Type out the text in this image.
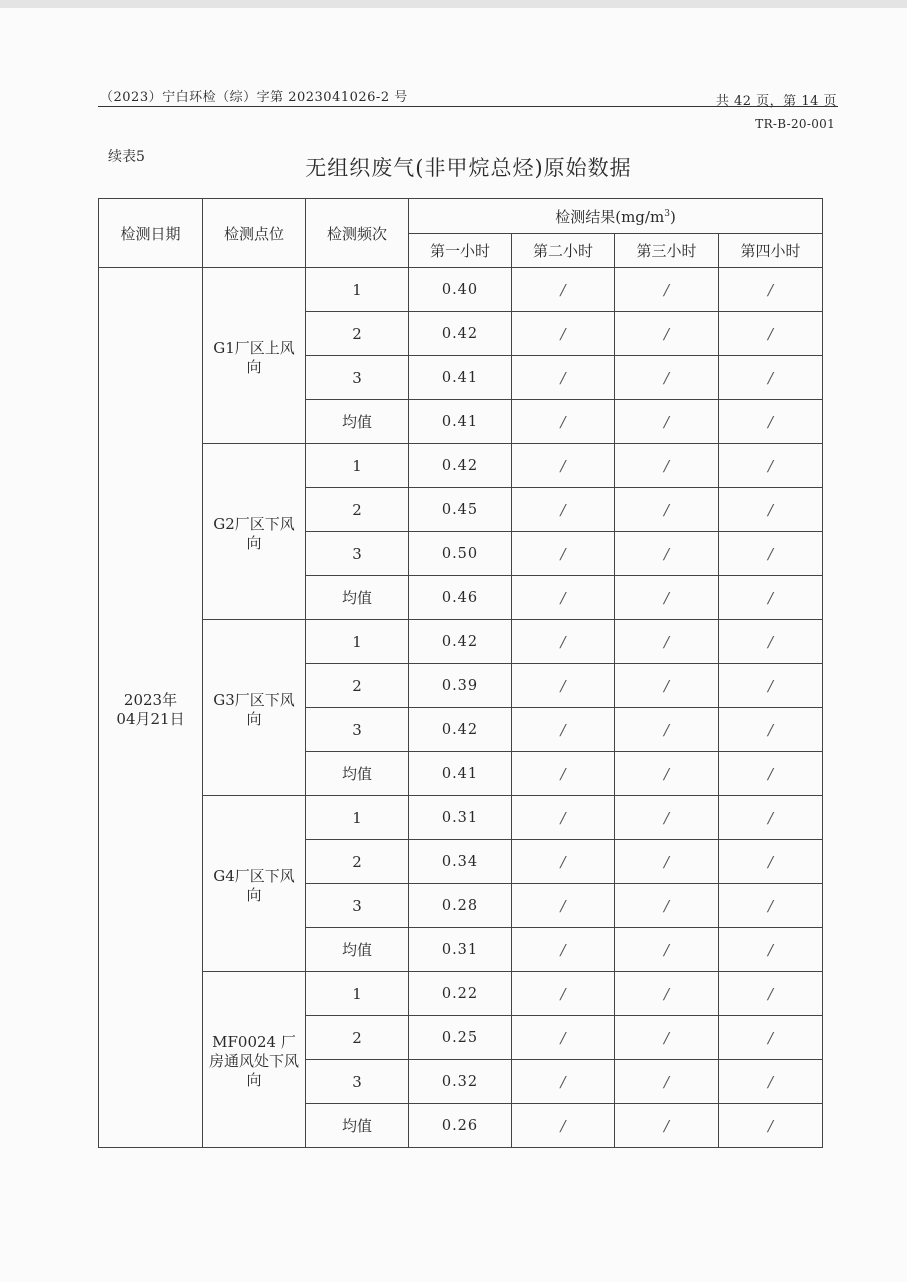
（2023）宁白环检（综）字第 2023041026-2 号	共 42 页，第 14 页
TR-B-20-001
续表5	无组织废气(非甲烷总烃)原始数据
检测日期	检测点位	检测频次	检测结果$(mg/m^3)$			
			第一小时	第二小时	第三小时	第四小时

2023年
04月21日	G1厂区上风向	1	0.40	/	/	/
		2	0.42	/	/	/
		3	0.41	/	/	/
		均值	0.41	/	/	/

	G2厂区下风向	1	0.42	/	/	/
		2	0.45	/	/	/
		3	0.50	/	/	/
		均值	0.46	/	/	/

	G3厂区下风向	1	0.42	/	/	/
		2	0.39	/	/	/
		3	0.42	/	/	/
		均值	0.41	/	/	/

	G4厂区下风向	1	0.31	/	/	/
		2	0.34	/	/	/
		3	0.28	/	/	/
		均值	0.31	/	/	/

	MF0024 厂房通风处下风向	1	0.22	/	/	/
		2	0.25	/	/	/
		3	0.32	/	/	/
		均值	0.26	/	/	/
